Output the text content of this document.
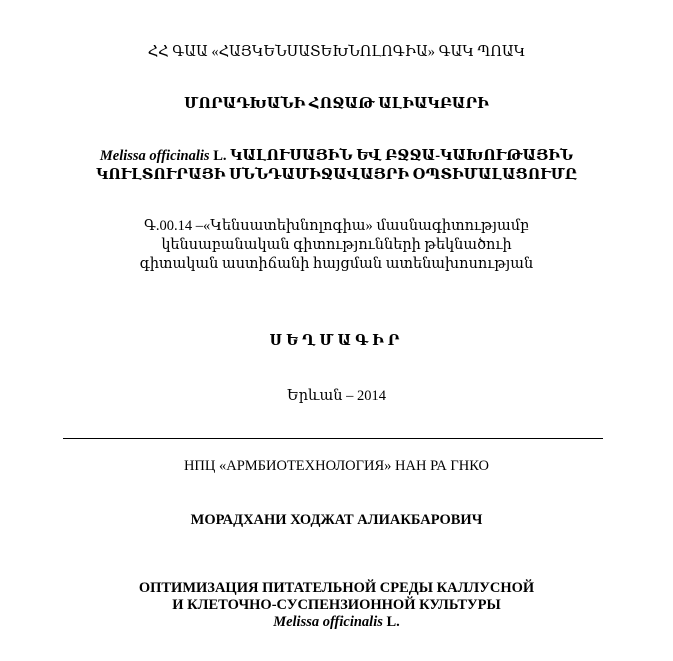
ՀՀ ԳԱԱ «ՀԱՅԿԵՆՍԱՏԵԽՆՈԼՈԳԻԱ» ԳԱԿ ՊՈԱԿ
ՄՈՐԱԴԽԱՆԻ ՀՈՋԱԹ ԱԼԻԱԿԲԱՐԻ
Melissa officinalis L. ԿԱԼՈՒՍԱՅԻՆ ԵՎ ԲՋՋԱ-ԿԱԽՈՒԹԱՅԻՆ
ԿՈՒԼՏՈՒՐԱՅԻ ՍՆՆԴԱՄԻՋԱՎԱՅՐԻ ՕՊՏԻՄԱԼԱՑՈՒՄԸ
Գ.00.14 –«Կենսատեխնոլոգիա» մասնագիտությամբ
կենսաբանական գիտությունների թեկնածուի
գիտական աստիճանի հայցման ատենախոսության
ՍԵՂՄԱԳԻՐ
Երևան – 2014
НПЦ «АРМБИОТЕХНОЛОГИЯ» НАН РА ГНКО
МОРАДХАНИ ХОДЖАТ АЛИАКБАРОВИЧ
ОПТИМИЗАЦИЯ ПИТАТЕЛЬНОЙ СРЕДЫ КАЛЛУСНОЙ
И КЛЕТОЧНО-СУСПЕНЗИОННОЙ КУЛЬТУРЫ
Melissa officinalis L.
